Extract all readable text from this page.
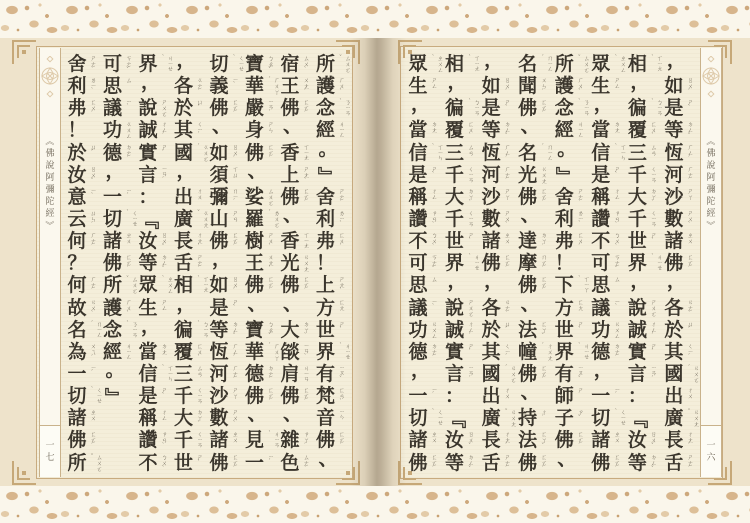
《
佛
說
阿
彌
陀
經
》
一
七
《
佛
說
阿
彌
陀
經
》
一
六
所	ㄙㄨㄛˇ
護 ㄏㄨˋ
念	ㄋㄧㄢˋ
經 ㄐㄧㄥ
。
』
舍 ㄕㄜˋ
利 ㄌㄧˋ
弗 ㄈㄨˊ
！
上 ㄕㄤˋ
方 ㄈㄤ
世 ㄕˋ
界	ㄐㄧㄝˋ
有 ㄧㄡˇ
梵 ㄈㄢˋ
音 ㄧㄣ
佛 ㄈㄛˊ
、
宿 ㄙㄨˋ
王 ㄨㄤˊ
佛 ㄈㄛˊ
、
香 ㄒㄧㄤ
上 ㄕㄤˋ
佛 ㄈㄛˊ
、
香 ㄒㄧㄤ
光 ㄍㄨㄤ
佛 ㄈㄛˊ
、
大 ㄉㄚˋ
燄 ㄧㄢˋ
肩 ㄐㄧㄢ
佛 ㄈㄛˊ
、
雜 ㄗㄚˊ
色 ㄙㄜˋ
寶 ㄅㄠˇ
華	ㄏㄨㄚˊ
嚴 ㄧㄢˊ
身 ㄕㄣ
佛 ㄈㄛˊ
、
娑 ㄙㄨㄛ
羅	ㄌㄨㄛˊ
樹 ㄕㄨˋ
王 ㄨㄤˊ
佛 ㄈㄛˊ
、
寶 ㄅㄠˇ
華	ㄏㄨㄚˊ
德 ㄉㄜˊ
佛 ㄈㄛˊ
、
見	ㄐㄧㄢˋ
一 ㄧˊ
切	ㄑㄧㄝˋ
義 ㄧˋ
佛 ㄈㄛˊ
、
如 ㄖㄨˊ
須 ㄒㄩ
彌 ㄇㄧˊ
山 ㄕㄢ
佛 ㄈㄛˊ
，
如 ㄖㄨˊ
是 ㄕˋ
等 ㄉㄥˇ
恆 ㄏㄥˊ
河 ㄏㄜˊ
沙 ㄕㄚ
數 ㄕㄨˋ
諸 ㄓㄨ
佛 ㄈㄛˊ
，
各 ㄍㄜˋ
於 ㄩˊ
其 ㄑㄧˊ
國	ㄍㄨㄛˊ
，
出 ㄔㄨ
廣	ㄍㄨㄤˇ
長 ㄔㄤˊ
舌 ㄕㄜˊ
相	ㄒㄧㄤˋ
，
徧	ㄅㄧㄢˋ
覆 ㄈㄨˋ
三 ㄙㄢ
千 ㄑㄧㄢ
大 ㄉㄚˋ
千 ㄑㄧㄢ
世 ㄕˋ
界	ㄐㄧㄝˋ
，
說 ㄕㄨㄛ
誠 ㄔㄥˊ
實 ㄕˊ
言 ㄧㄢˊ
：
『
汝 ㄖㄨˇ
等 ㄉㄥˇ
眾	ㄓㄨㄥˋ
生 ㄕㄥ
，
當 ㄉㄤ
信	ㄒㄧㄣˋ
是 ㄕˋ
稱 ㄔㄥ
讚 ㄗㄢˋ
不 ㄅㄨˋ
可 ㄎㄜˇ
思 ㄙ
議 ㄧˋ
功 ㄍㄨㄥ
德 ㄉㄜˊ
，
一 ㄧˊ
切	ㄑㄧㄝˋ
諸 ㄓㄨ
佛 ㄈㄛˊ
所	ㄙㄨㄛˇ
護 ㄏㄨˋ
念	ㄋㄧㄢˋ
經 ㄐㄧㄥ
。
』
舍 ㄕㄜˋ
利 ㄌㄧˋ
弗 ㄈㄨˊ
！
於 ㄩˊ
汝 ㄖㄨˇ
意 ㄧˋ
云 ㄩㄣˊ
何 ㄏㄜˊ
？
何 ㄏㄜˊ
故 ㄍㄨˋ
名	ㄇㄧㄥˊ
為 ㄨㄟˊ
一 ㄧˊ
切	ㄑㄧㄝˋ
諸 ㄓㄨ
佛 ㄈㄛˊ
所	ㄙㄨㄛˇ
，
如 ㄖㄨˊ
是 ㄕˋ
等 ㄉㄥˇ
恆 ㄏㄥˊ
河 ㄏㄜˊ
沙 ㄕㄚ
數 ㄕㄨˋ
諸 ㄓㄨ
佛 ㄈㄛˊ
，
各 ㄍㄜˋ
於 ㄩˊ
其 ㄑㄧˊ
國	ㄍㄨㄛˊ
出 ㄔㄨ
廣	ㄍㄨㄤˇ
長 ㄔㄤˊ
舌 ㄕㄜˊ
相	ㄒㄧㄤˋ
，
徧	ㄅㄧㄢˋ
覆 ㄈㄨˋ
三 ㄙㄢ
千 ㄑㄧㄢ
大 ㄉㄚˋ
千 ㄑㄧㄢ
世 ㄕˋ
界	ㄐㄧㄝˋ
，
說 ㄕㄨㄛ
誠 ㄔㄥˊ
實 ㄕˊ
言 ㄧㄢˊ
：
『
汝 ㄖㄨˇ
等 ㄉㄥˇ
眾	ㄓㄨㄥˋ
生 ㄕㄥ
，
當 ㄉㄤ
信	ㄒㄧㄣˋ
是 ㄕˋ
稱 ㄔㄥ
讚 ㄗㄢˋ
不 ㄅㄨˋ
可 ㄎㄜˇ
思 ㄙ
議 ㄧˋ
功 ㄍㄨㄥ
德 ㄉㄜˊ
，
一 ㄧˊ
切	ㄑㄧㄝˋ
諸 ㄓㄨ
佛 ㄈㄛˊ
所	ㄙㄨㄛˇ
護 ㄏㄨˋ
念	ㄋㄧㄢˋ
經 ㄐㄧㄥ
。
』
舍 ㄕㄜˋ
利 ㄌㄧˋ
弗 ㄈㄨˊ
！
下	ㄒㄧㄚˋ
方 ㄈㄤ
世 ㄕˋ
界	ㄐㄧㄝˋ
有 ㄧㄡˇ
師 ㄕ
子 ㄗˇ
佛 ㄈㄛˊ
、
名	ㄇㄧㄥˊ
聞 ㄨㄣˊ
佛 ㄈㄛˊ
、
名	ㄇㄧㄥˊ
光 ㄍㄨㄤ
佛 ㄈㄛˊ
、
達 ㄉㄚˊ
摩 ㄇㄛˊ
佛 ㄈㄛˊ
、
法 ㄈㄚˇ
幢	ㄔㄨㄤˊ
佛 ㄈㄛˊ
、
持 ㄔˊ
法 ㄈㄚˇ
佛 ㄈㄛˊ
，
如 ㄖㄨˊ
是 ㄕˋ
等 ㄉㄥˇ
恆 ㄏㄥˊ
河 ㄏㄜˊ
沙 ㄕㄚ
數 ㄕㄨˋ
諸 ㄓㄨ
佛 ㄈㄛˊ
，
各 ㄍㄜˋ
於 ㄩˊ
其 ㄑㄧˊ
國	ㄍㄨㄛˊ
出 ㄔㄨ
廣	ㄍㄨㄤˇ
長 ㄔㄤˊ
舌 ㄕㄜˊ
相	ㄒㄧㄤˋ
，
徧	ㄅㄧㄢˋ
覆 ㄈㄨˋ
三 ㄙㄢ
千 ㄑㄧㄢ
大 ㄉㄚˋ
千 ㄑㄧㄢ
世 ㄕˋ
界	ㄐㄧㄝˋ
，
說 ㄕㄨㄛ
誠 ㄔㄥˊ
實 ㄕˊ
言 ㄧㄢˊ
：
『
汝 ㄖㄨˇ
等 ㄉㄥˇ
眾	ㄓㄨㄥˋ
生 ㄕㄥ
，
當 ㄉㄤ
信	ㄒㄧㄣˋ
是 ㄕˋ
稱 ㄔㄥ
讚 ㄗㄢˋ
不 ㄅㄨˋ
可 ㄎㄜˇ
思 ㄙ
議 ㄧˋ
功 ㄍㄨㄥ
德 ㄉㄜˊ
，
一 ㄧˊ
切	ㄑㄧㄝˋ
諸 ㄓㄨ
佛 ㄈㄛˊ
